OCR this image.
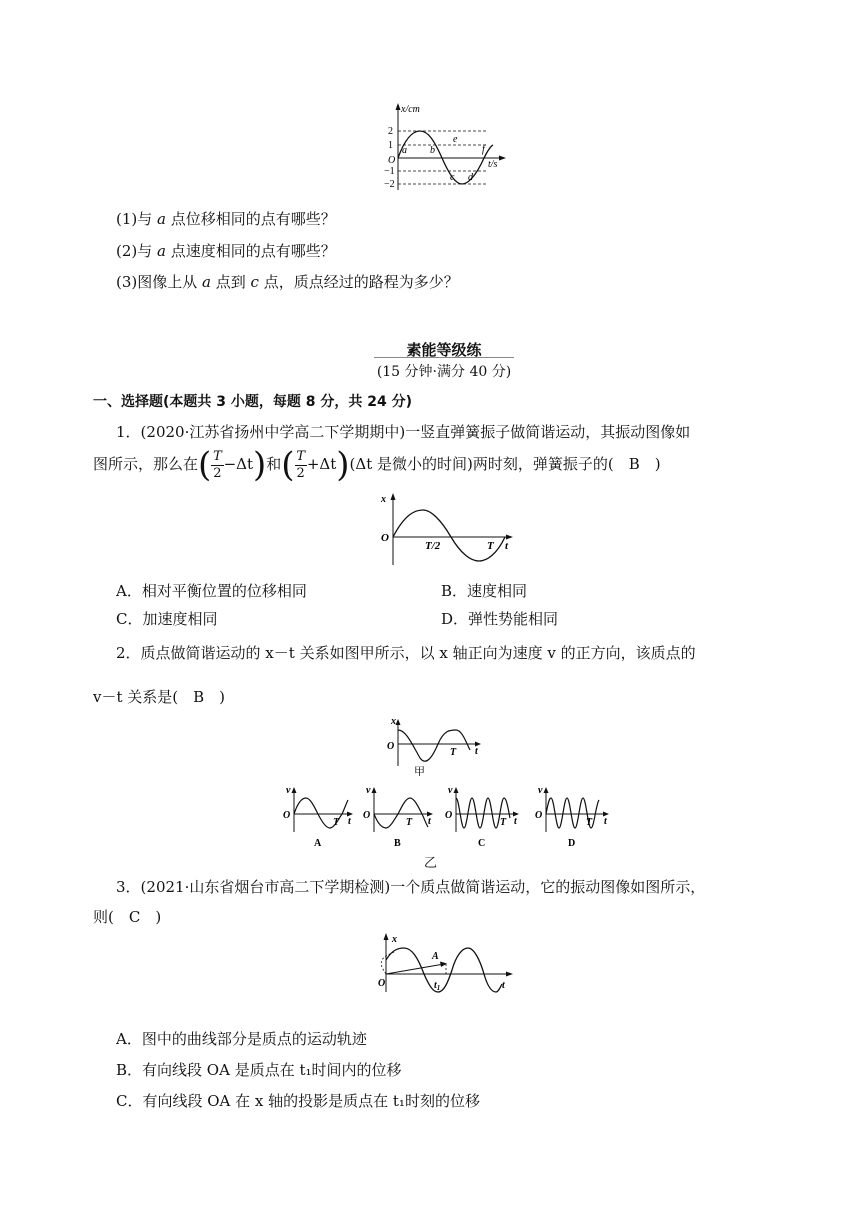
x/cm
t/s
O
2
1
−1
−2
a b
c d
e
f
(1)与 a 点位移相同的点有哪些？
(2)与 a 点速度相同的点有哪些？
(3)图像上从 a 点到 c 点，质点经过的路程为多少？
素能等级练
(15 分钟·满分 40 分)
一、选择题(本题共 3 小题，每题 8 分，共 24 分)
1．(2020·江苏省扬州中学高二下学期期中)一竖直弹簧振子做简谐运动，其振动图像如
图所示，那么在$(\frac{T}{2}-\Delta t)$和$(\frac{T}{2}+\Delta t)(\Delta t$ 是微小的时间)两时刻，弹簧振子的(　B　)
x
O
T/2	T t
A．相对平衡位置的位移相同	B．速度相同
C．加速度相同	D．弹性势能相同
2．质点做简谐运动的 x－t 关系如图甲所示，以 x 轴正向为速度 v 的正方向，该质点的
v－t 关系是(　B　)
x
O
T t
甲
v
O
T t
A
v
O
T t
B
v
O
T t
C
v
O
T t
D
乙
3．(2021·山东省烟台市高二下学期检测)一个质点做简谐运动，它的振动图像如图所示，
则(　C　)
x
O
A
$t_1$	t
A．图中的曲线部分是质点的运动轨迹
B．有向线段 OA 是质点在 t₁时间内的位移
C．有向线段 OA 在 x 轴的投影是质点在 t₁时刻的位移
